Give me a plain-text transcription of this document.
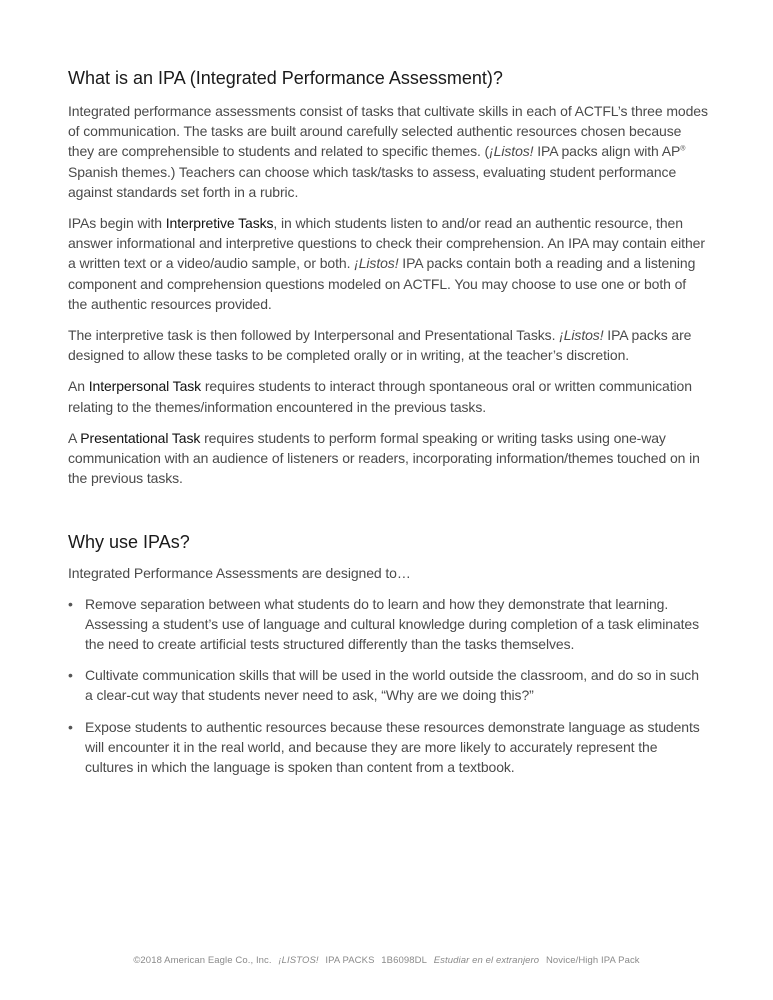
What is an IPA (Integrated Performance Assessment)?

Integrated performance assessments consist of tasks that cultivate skills in each of ACTFL’s three modes of communication. The tasks are built around carefully selected authentic resources chosen because they are comprehensible to students and related to specific themes. (¡Listos! IPA packs align with AP® Spanish themes.) Teachers can choose which task/tasks to assess, evaluating student performance against standards set forth in a rubric.

IPAs begin with Interpretive Tasks, in which students listen to and/or read an authentic resource, then answer informational and interpretive questions to check their comprehension. An IPA may contain either a written text or a video/audio sample, or both. ¡Listos! IPA packs contain both a reading and a listening component and comprehension questions modeled on ACTFL. You may choose to use one or both of the authentic resources provided.

The interpretive task is then followed by Interpersonal and Presentational Tasks. ¡Listos! IPA packs are designed to allow these tasks to be completed orally or in writing, at the teacher’s discretion.

An Interpersonal Task requires students to interact through spontaneous oral or written communication relating to the themes/information encountered in the previous tasks.

A Presentational Task requires students to perform formal speaking or writing tasks using one-way communication with an audience of listeners or readers, incorporating information/themes touched on in the previous tasks.

Why use IPAs?

Integrated Performance Assessments are designed to…

• Remove separation between what students do to learn and how they demonstrate that learning. Assessing a student’s use of language and cultural knowledge during completion of a task eliminates the need to create artificial tests structured differently than the tasks themselves.
• Cultivate communication skills that will be used in the world outside the classroom, and do so in such a clear-cut way that students never need to ask, “Why are we doing this?”
• Expose students to authentic resources because these resources demonstrate language as students will encounter it in the real world, and because they are more likely to accurately represent the cultures in which the language is spoken than content from a textbook.
©2018 American Eagle Co., Inc. ¡LISTOS! IPA PACKS 1B6098DL Estudiar en el extranjero Novice/High IPA Pack
